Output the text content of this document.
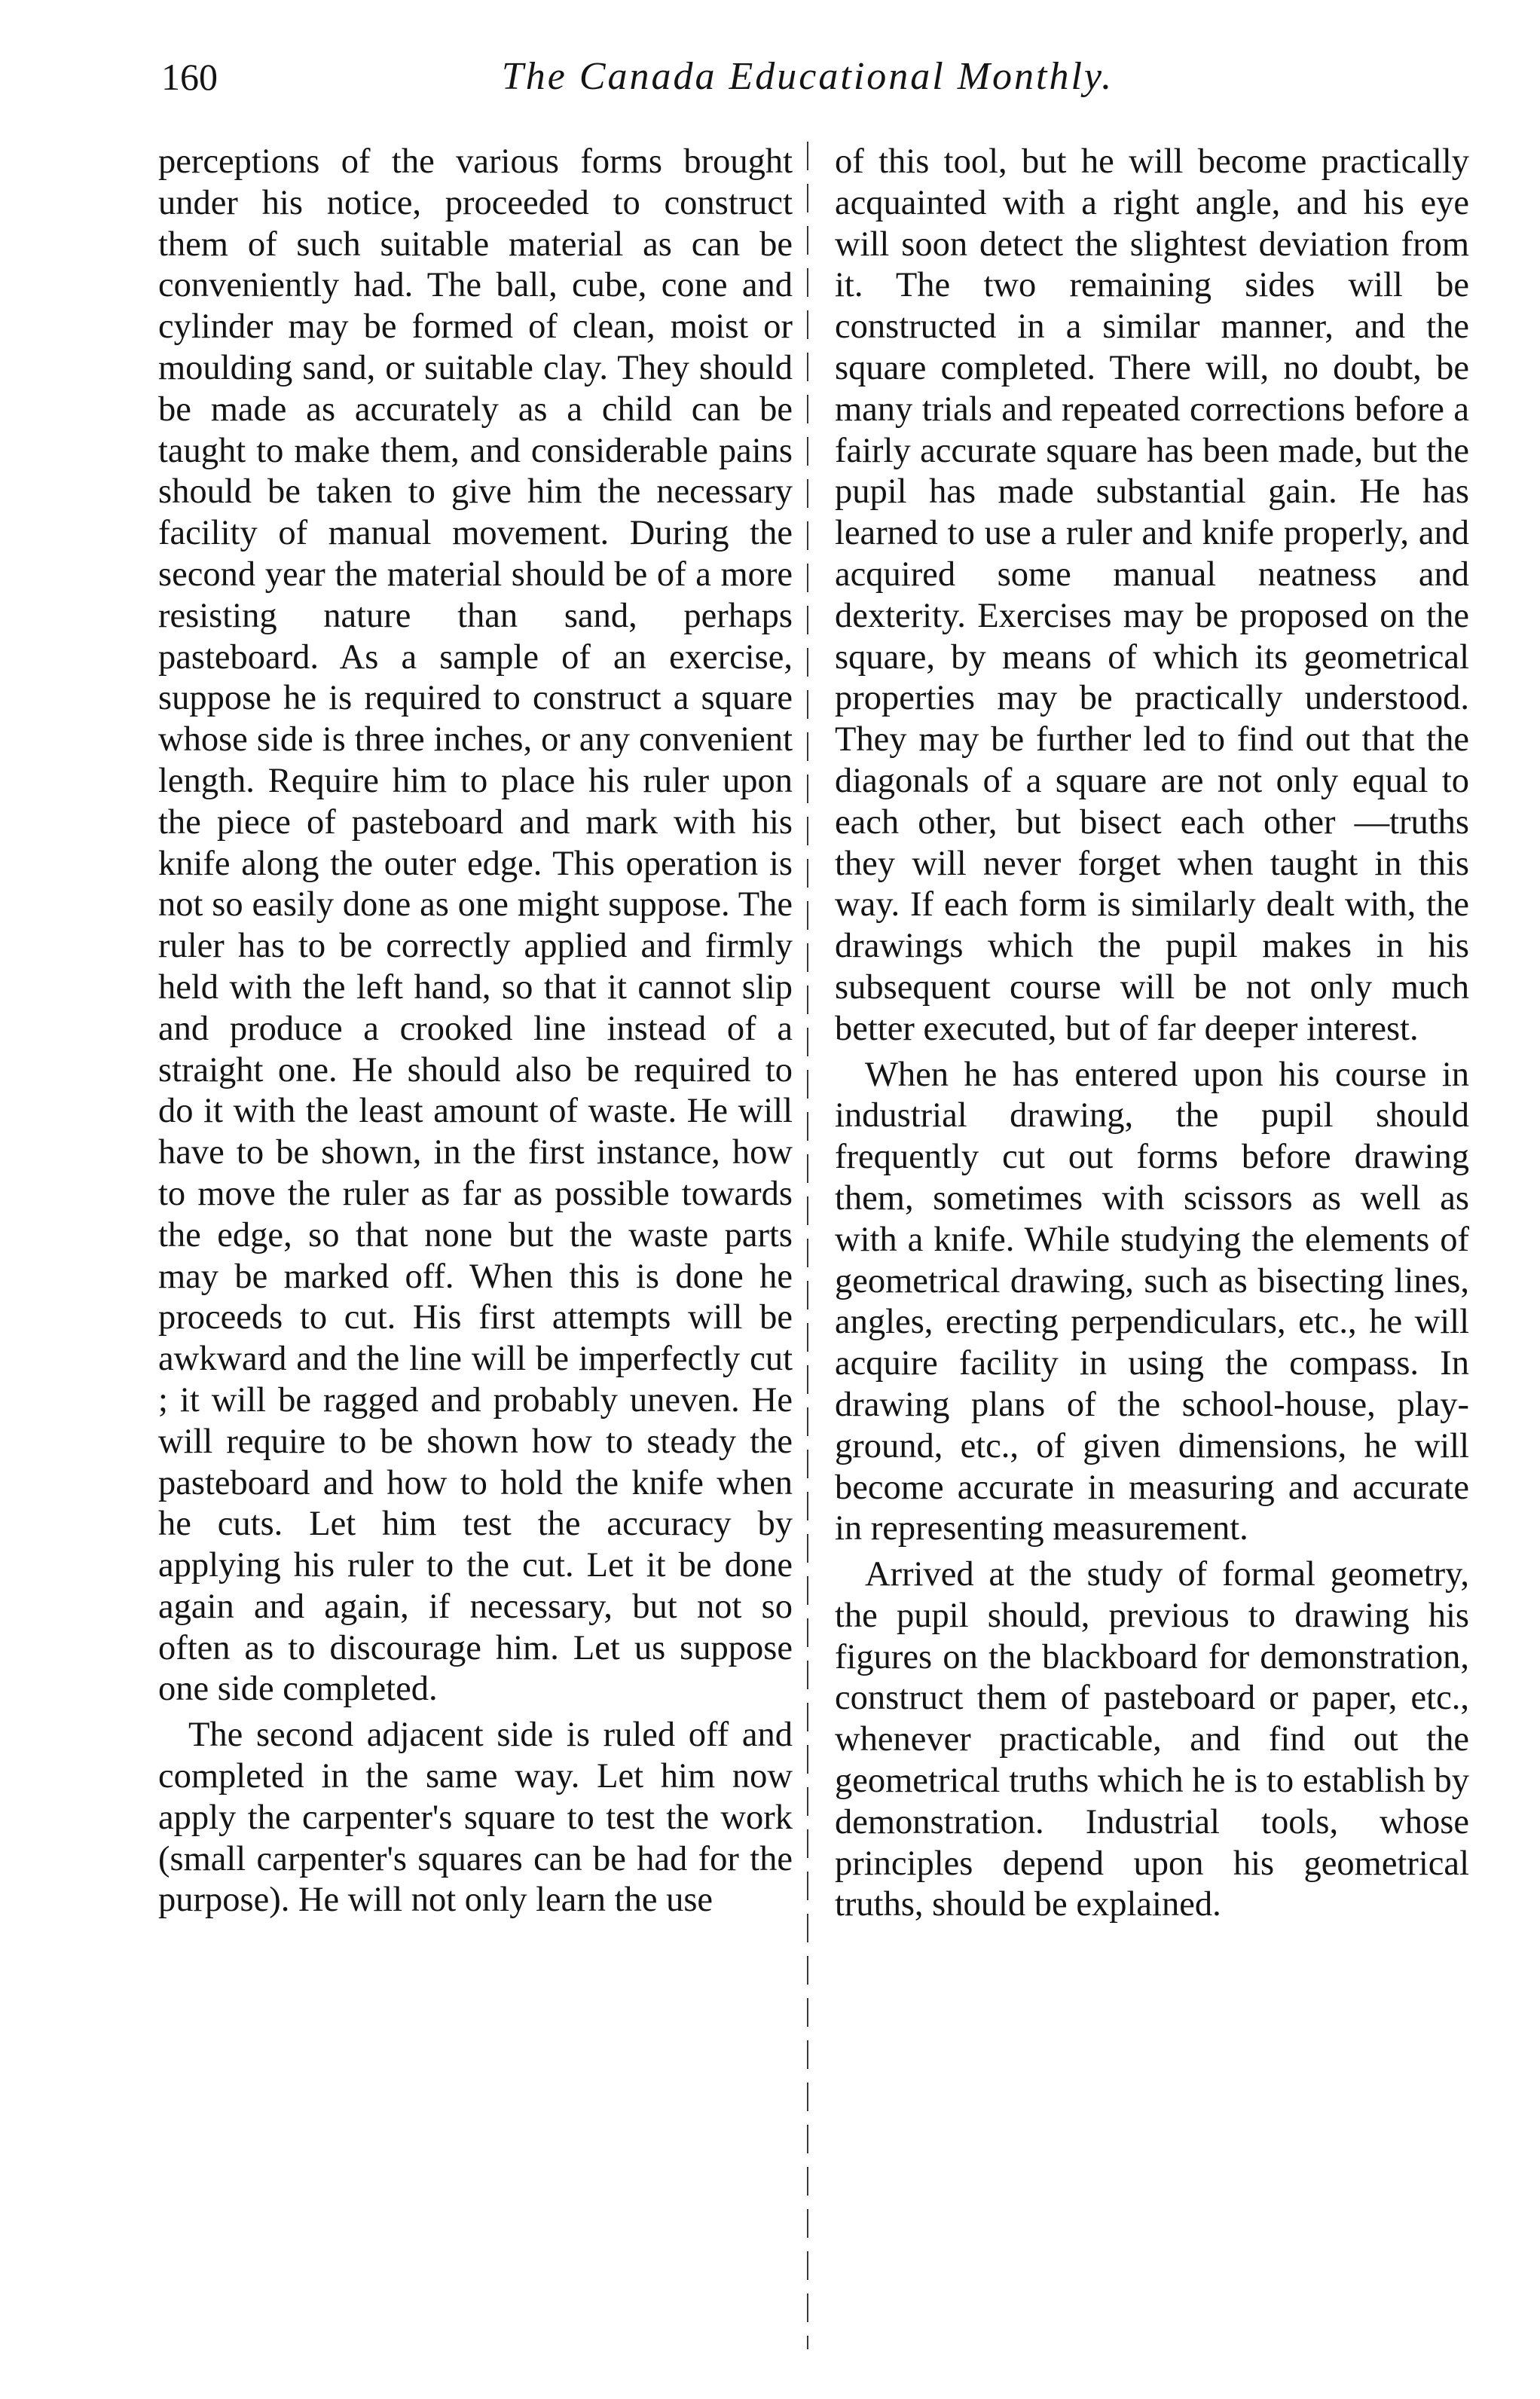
160	The Canada Educational Monthly.

perceptions of the various forms brought under his notice, proceeded to construct them of such suitable material as can be conveniently had. The ball, cube, cone and cylinder may be formed of clean, moist or moulding sand, or suitable clay. They should be made as accurately as a child can be taught to make them, and considerable pains should be taken to give him the necessary facility of manual movement. During the second year the material should be of a more resisting nature than sand, perhaps pasteboard. As a sample of an exercise, suppose he is required to construct a square whose side is three inches, or any convenient length. Require him to place his ruler upon the piece of pasteboard and mark with his knife along the outer edge. This operation is not so easily done as one might suppose. The ruler has to be correctly applied and firmly held with the left hand, so that it cannot slip and produce a crooked line instead of a straight one. He should also be required to do it with the least amount of waste. He will have to be shown, in the first instance, how to move the ruler as far as possible towards the edge, so that none but the waste parts may be marked off. When this is done he proceeds to cut. His first attempts will be awkward and the line will be imperfectly cut ; it will be ragged and probably uneven. He will require to be shown how to steady the pasteboard and how to hold the knife when he cuts. Let him test the accuracy by applying his ruler to the cut. Let it be done again and again, if necessary, but not so often as to discourage him. Let us suppose one side completed.

The second adjacent side is ruled off and completed in the same way. Let him now apply the carpenter's square to test the work (small carpenter's squares can be had for the purpose). He will not only learn the use

of this tool, but he will become practically acquainted with a right angle, and his eye will soon detect the slightest deviation from it. The two remaining sides will be constructed in a similar manner, and the square completed. There will, no doubt, be many trials and repeated corrections before a fairly accurate square has been made, but the pupil has made substantial gain. He has learned to use a ruler and knife properly, and acquired some manual neatness and dexterity. Exercises may be proposed on the square, by means of which its geometrical properties may be practically understood. They may be further led to find out that the diagonals of a square are not only equal to each other, but bisect each other —truths they will never forget when taught in this way. If each form is similarly dealt with, the drawings which the pupil makes in his subsequent course will be not only much better executed, but of far deeper interest.

When he has entered upon his course in industrial drawing, the pupil should frequently cut out forms before drawing them, sometimes with scissors as well as with a knife. While studying the elements of geometrical drawing, such as bisecting lines, angles, erecting perpendiculars, etc., he will acquire facility in using the compass. In drawing plans of the school-house, play-ground, etc., of given dimensions, he will become accurate in measuring and accurate in representing measurement.

Arrived at the study of formal geometry, the pupil should, previous to drawing his figures on the blackboard for demonstration, construct them of pasteboard or paper, etc., whenever practicable, and find out the geometrical truths which he is to establish by demonstration. Industrial tools, whose principles depend upon his geometrical truths, should be explained.
